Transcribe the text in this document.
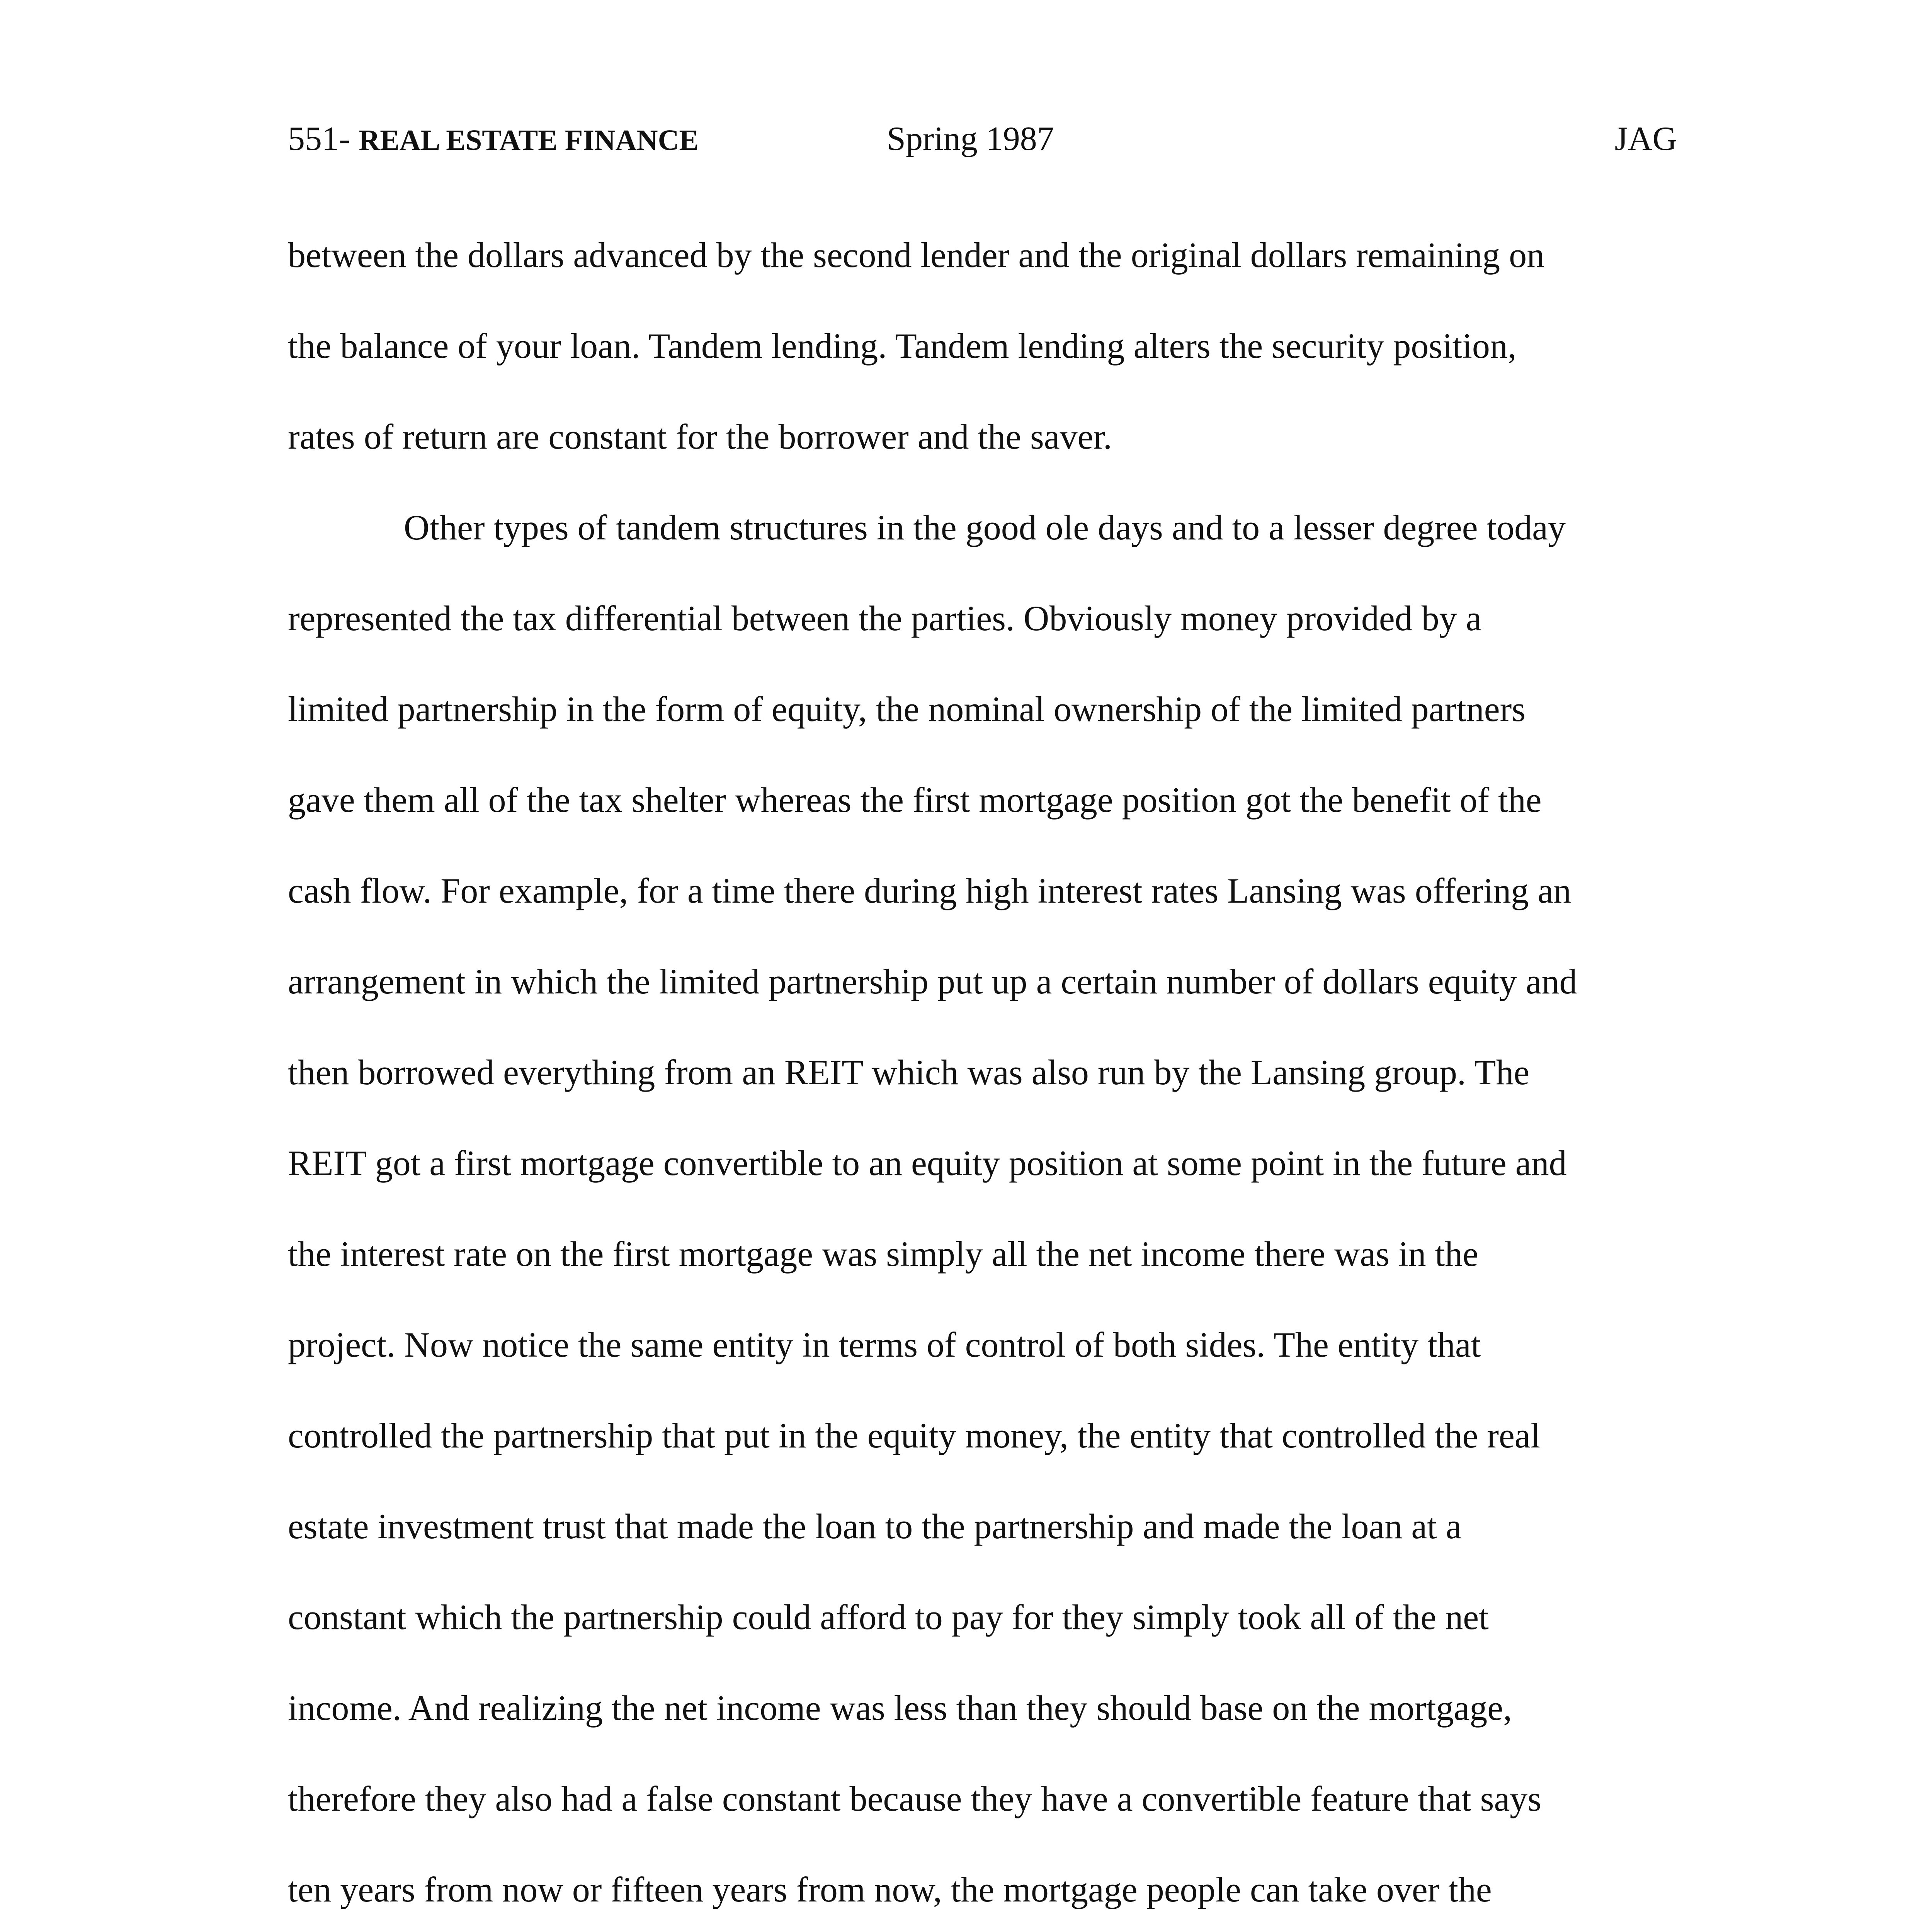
551- REAL ESTATE FINANCE	Spring 1987	JAG
between the dollars advanced by the second lender and the original dollars remaining on
the balance of your loan. Tandem lending. Tandem lending alters the security position,
rates of return are constant for the borrower and the saver.
Other types of tandem structures in the good ole days and to a lesser degree today
represented the tax differential between the parties. Obviously money provided by a
limited partnership in the form of equity, the nominal ownership of the limited partners
gave them all of the tax shelter whereas the first mortgage position got the benefit of the
cash flow. For example, for a time there during high interest rates Lansing was offering an
arrangement in which the limited partnership put up a certain number of dollars equity and
then borrowed everything from an REIT which was also run by the Lansing group. The
REIT got a first mortgage convertible to an equity position at some point in the future and
the interest rate on the first mortgage was simply all the net income there was in the
project. Now notice the same entity in terms of control of both sides. The entity that
controlled the partnership that put in the equity money, the entity that controlled the real
estate investment trust that made the loan to the partnership and made the loan at a
constant which the partnership could afford to pay for they simply took all of the net
income. And realizing the net income was less than they should base on the mortgage,
therefore they also had a false constant because they have a convertible feature that says
ten years from now or fifteen years from now, the mortgage people can take over the
